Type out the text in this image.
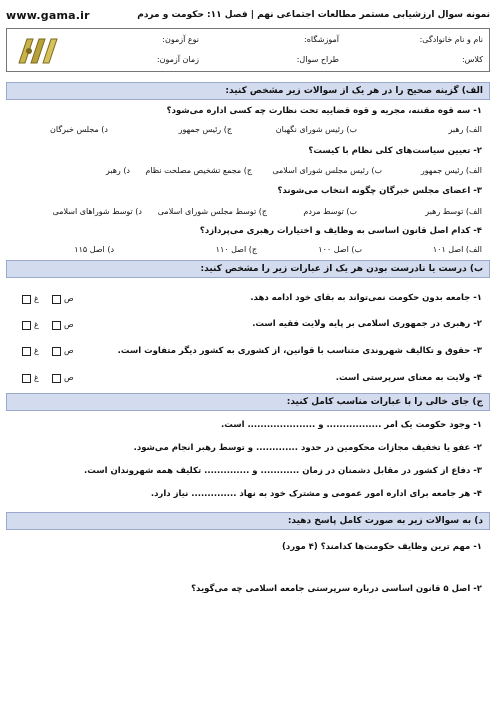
www.gama.ir	نمونه سوال ارزشیابی مستمر مطالعات اجتماعی نهم | فصل ۱۱: حکومت و مردم
نام و نام خانوادگی:
آموزشگاه:
نوع آزمون:
کلاس:
طراح سوال:
زمان آزمون:
الف) گزینه صحیح را در هر یک از سوالات زیر مشخص کنید:
۱- سه قوه مقننه، مجریه و قوه قضاییه تحت نظارت چه کسی اداره می‌شود؟
الف) رهبر
ب) رئیس شورای نگهبان
ج) رئیس جمهور
د) مجلس خبرگان
۲- تعیین سیاست‌های کلی نظام با کیست؟
الف) رئیس جمهور
ب) رئیس مجلس شورای اسلامی
ج) مجمع تشخیص مصلحت نظام
د) رهبر
۳- اعضای مجلس خبرگان چگونه انتخاب می‌شوند؟
الف) توسط رهبر
ب) توسط مردم
ج) توسط مجلس شورای اسلامی
د) توسط شوراهای اسلامی
۴- کدام اصل قانون اساسی به وظایف و اختیارات رهبری می‌پردازد؟
الف) اصل ۱۰۱
ب) اصل ۱۰۰
ج) اصل ۱۱۰
د) اصل ۱۱۵
ب) درست یا نادرست بودن هر یک از عبارات زیر را مشخص کنید:
۱- جامعه بدون حکومت نمی‌تواند به بقای خود ادامه دهد.
غ	ص
۲- رهبری در جمهوری اسلامی بر پایه ولایت فقیه است.
غ	ص
۳- حقوق و تکالیف شهروندی متناسب با قوانین، از کشوری به کشور دیگر متفاوت است.
غ	ص
۴- ولایت به معنای سرپرستی است.
غ	ص
ج) جای خالی را با عبارات مناسب کامل کنید:
۱- وجود حکومت یک امر ................. و ..................... است.
۲- عفو یا تخفیف مجازات محکومین در حدود ............. و توسط رهبر انجام می‌شود.
۳- دفاع از کشور در مقابل دشمنان در زمان ............ و .............. تکلیف همه شهروندان است.
۴- هر جامعه برای اداره امور عمومی و مشترک خود به نهاد .............. نیاز دارد.
د) به سوالات زیر به صورت کامل پاسخ دهید:
۱- مهم ترین وظایف حکومت‌ها کدامند؟ (۴ مورد)
۲- اصل ۵ قانون اساسی درباره سرپرستی جامعه اسلامی چه می‌گوید؟
